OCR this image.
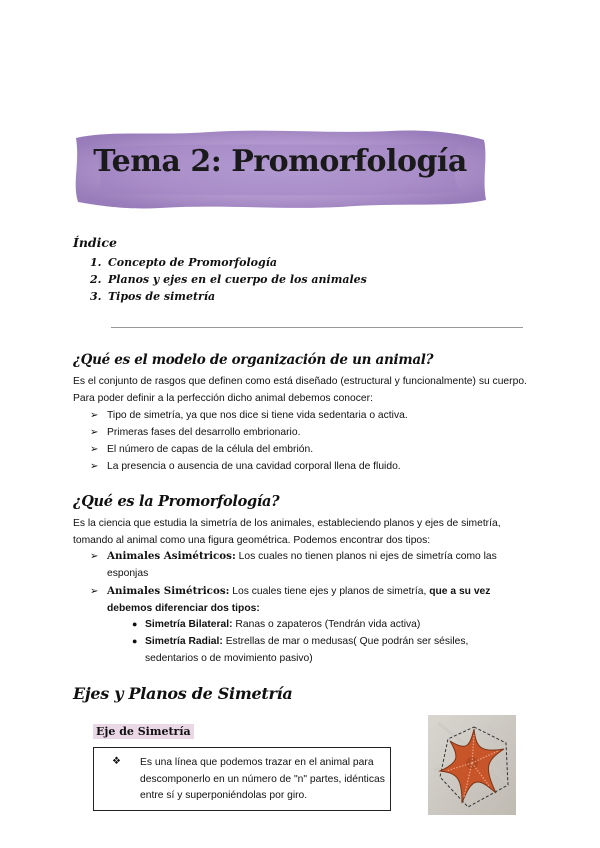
Tema 2: Promorfología
Índice
1. Concepto de Promorfología
2. Planos y ejes en el cuerpo de los animales
3. Tipos de simetría
¿Qué es el modelo de organización de un animal?
Es el conjunto de rasgos que definen como está diseñado (estructural y funcionalmente) su cuerpo. Para poder definir a la perfección dicho animal debemos conocer:
➢ Tipo de simetría, ya que nos dice si tiene vida sedentaria o activa.
➢ Primeras fases del desarrollo embrionario.
➢ El número de capas de la célula del embrión.
➢ La presencia o ausencia de una cavidad corporal llena de fluido.
¿Qué es la Promorfología?
Es la ciencia que estudia la simetría de los animales, estableciendo planos y ejes de simetría, tomando al animal como una figura geométrica. Podemos encontrar dos tipos:
➢ Animales Asimétricos: Los cuales no tienen planos ni ejes de simetría como las esponjas
➢ Animales Simétricos: Los cuales tiene ejes y planos de simetría, que a su vez debemos diferenciar dos tipos:
● Simetría Bilateral: Ranas o zapateros (Tendrán vida activa)
● Simetría Radial: Estrellas de mar o medusas( Que podrán ser sésiles, sedentarios o de movimiento pasivo)
Ejes y Planos de Simetría
Eje de Simetría
❖ Es una línea que podemos trazar en el animal para descomponerlo en un número de "n" partes, idénticas entre sí y superponiéndolas por giro.
